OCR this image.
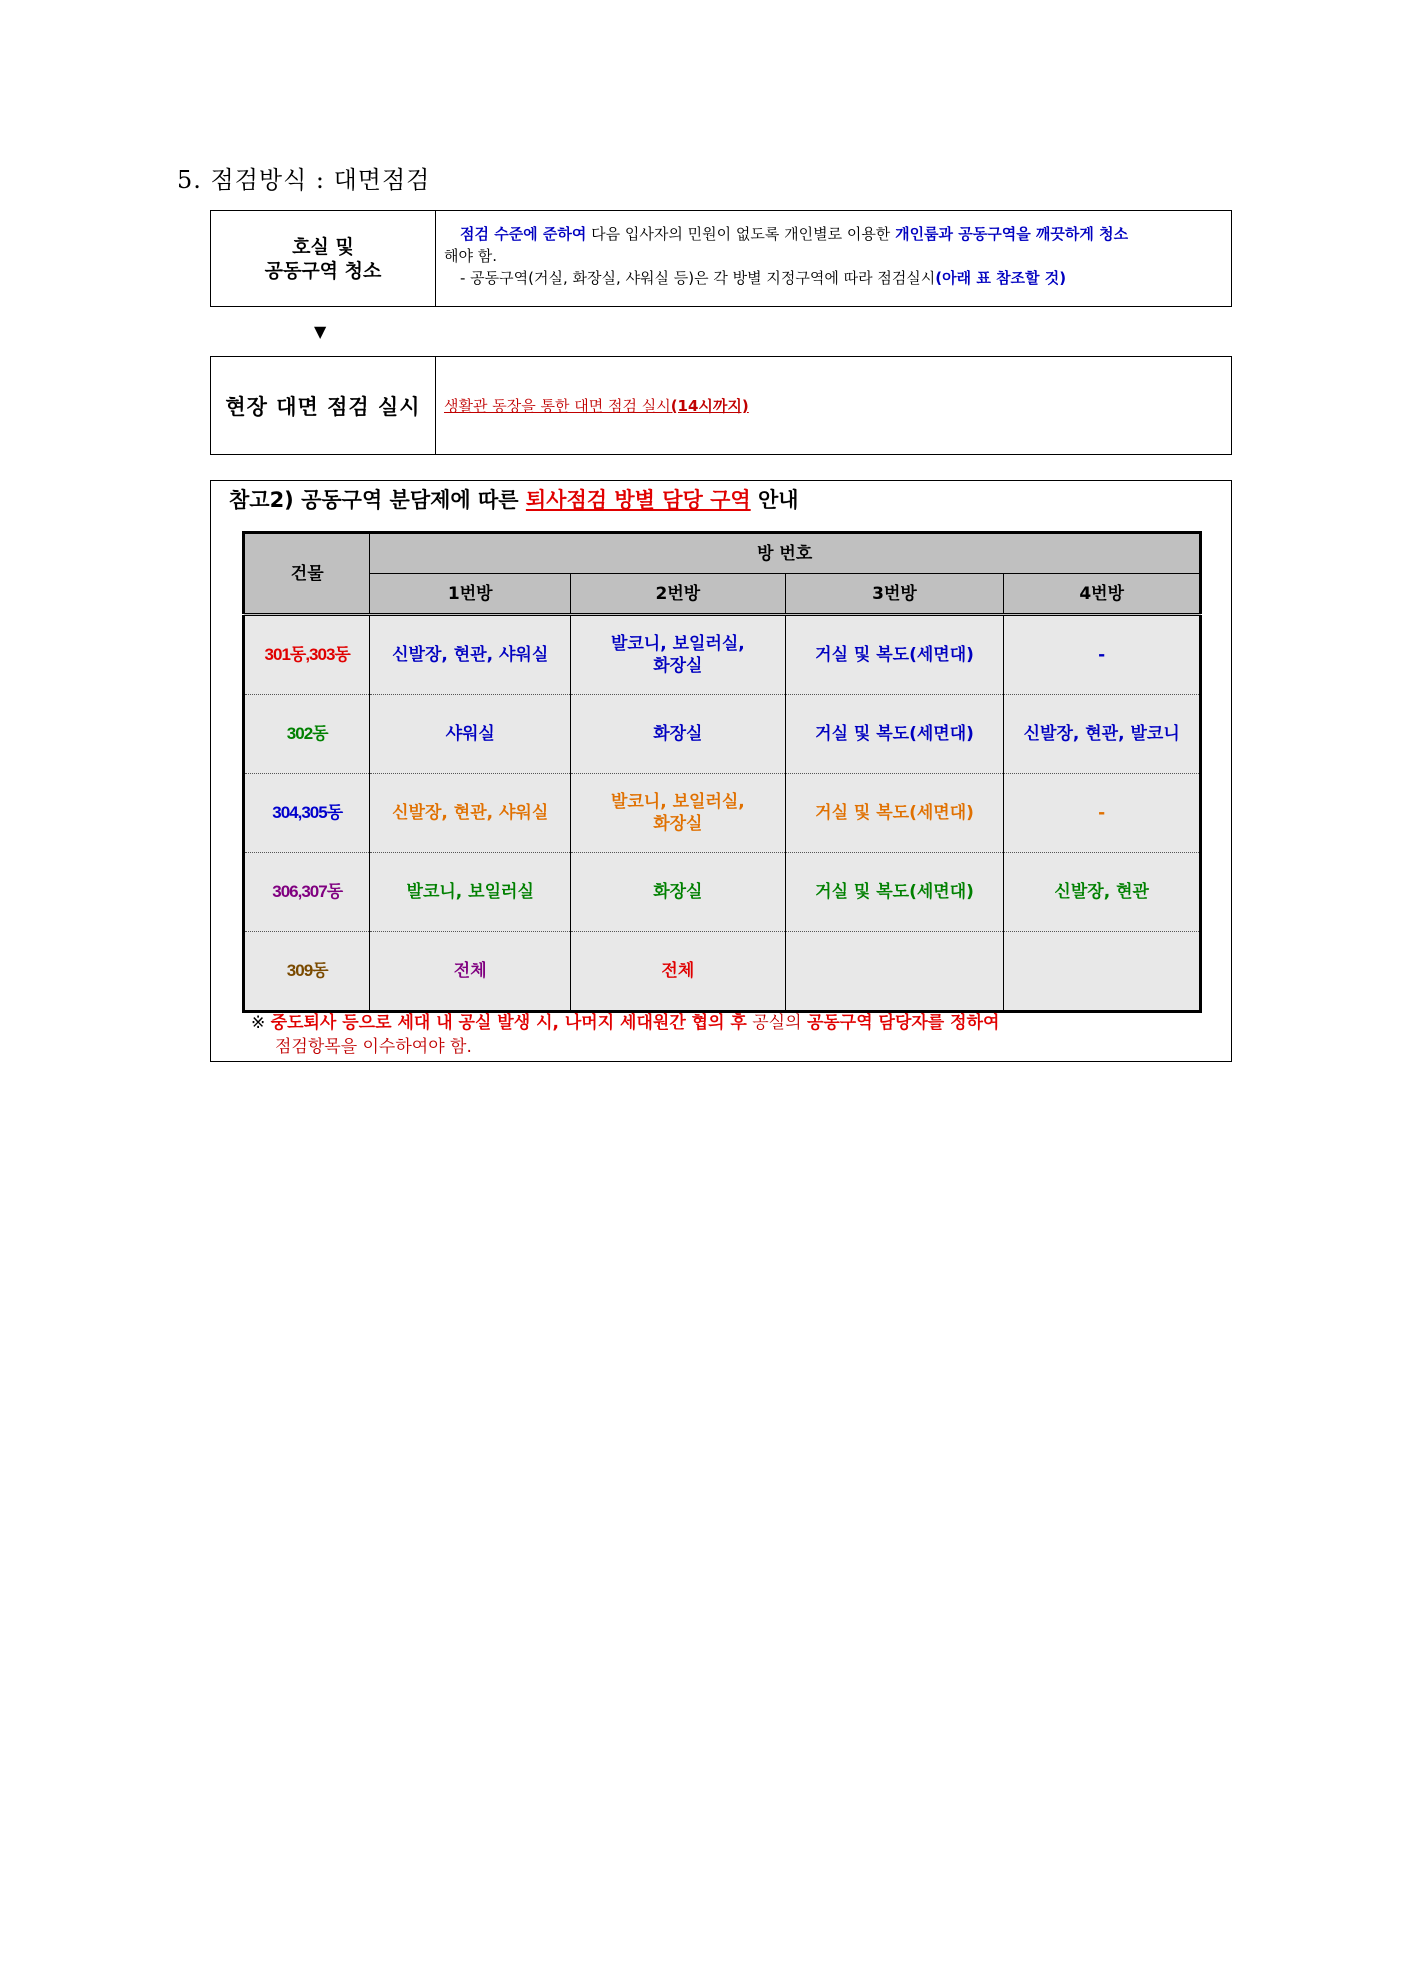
5. 점검방식 : 대면점검
호실 및
공동구역 청소
점검 수준에 준하여 다음 입사자의 민원이 없도록 개인별로 이용한 개인룸과 공동구역을 깨끗하게 청소
해야 함.
- 공동구역(거실, 화장실, 샤워실 등)은 각 방별 지정구역에 따라 점검실시(아래 표 참조할 것)
▼
현장 대면 점검 실시	생활관 동장을 통한 대면 점검 실시 (14시까지)
참고2) 공동구역 분담제에 따른 퇴사점검 방별 담당 구역 안내
건물	방 번호			
	1번방	2번방	3번방	4번방
301동,303동	신발장, 현관, 샤워실	발코니, 보일러실,
화장실	거실 및 복도(세면대)	-
302동	샤워실	화장실	거실 및 복도(세면대)	신발장, 현관, 발코니
304,305동	신발장, 현관, 샤워실	발코니, 보일러실,
화장실	거실 및 복도(세면대)	-
306,307동	발코니, 보일러실	화장실	거실 및 복도(세면대)	신발장, 현관
309동	전체	전체		
※ 중도퇴사 등으로 세대 내 공실 발생 시, 나머지 세대원간 협의 후 공실의 공동구역 담당자를 정하여
점검항목을 이수하여야 함.
